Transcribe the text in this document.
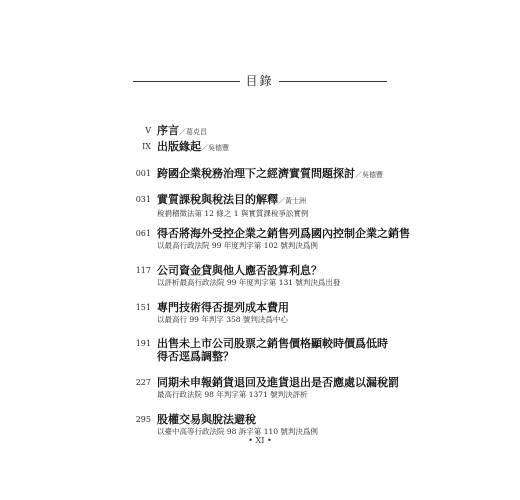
目錄
V 序言／葛克昌
IX 出版緣起／吳德豐
001 跨國企業稅務治理下之經濟實質問題探討／吳德豐
031 實質課稅與稅法目的解釋／黃士洲
稅捐稽徵法第 12 條之 1 與實質課稅爭訟實例
061 得否將海外受控企業之銷售列爲國內控制企業之銷售
以最高行政法院 99 年度判字第 102 號判決爲例
117 公司資金貸與他人應否設算利息？
以評析最高行政法院 99 年度判字第 131 號判決爲出發
151 專門技術得否提列成本費用
以最高行 99 年判字 358 號判決爲中心
191 出售未上市公司股票之銷售價格顯較時價爲低時得否逕爲調整？
227 同期未申報銷貨退回及進貨退出是否應處以漏稅罰
最高行政法院 98 年判字第 1371 號判決評析
295 股權交易與脫法避稅
以臺中高等行政法院 98 訴字第 110 號判決爲例
• XI •
